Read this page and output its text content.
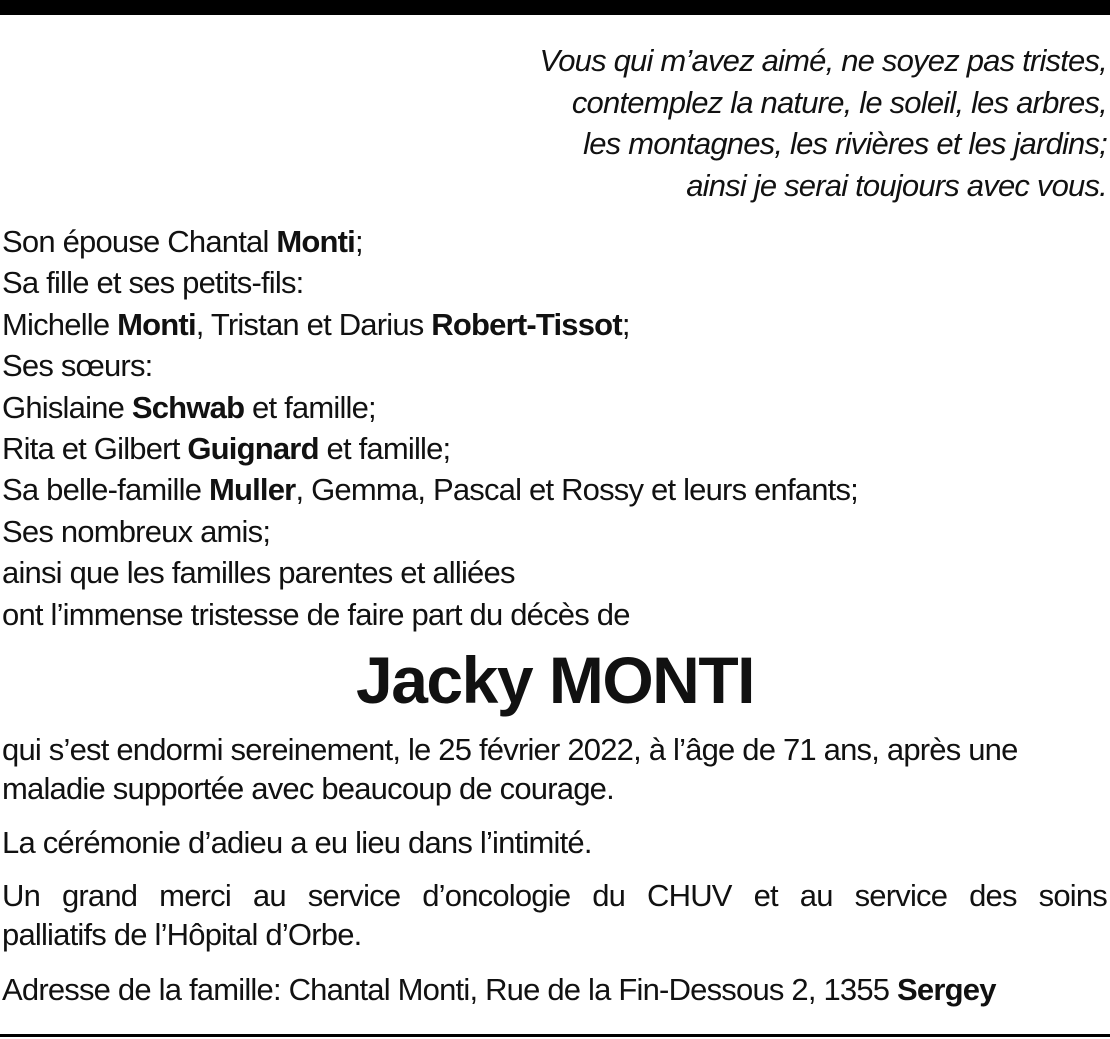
Vous qui m’avez aimé, ne soyez pas tristes,
contemplez la nature, le soleil, les arbres,
les montagnes, les rivières et les jardins;
ainsi je serai toujours avec vous.
Son épouse Chantal Monti;
Sa fille et ses petits-fils:
Michelle Monti, Tristan et Darius Robert-Tissot;
Ses sœurs:
Ghislaine Schwab et famille;
Rita et Gilbert Guignard et famille;
Sa belle-famille Muller, Gemma, Pascal et Rossy et leurs enfants;
Ses nombreux amis;
ainsi que les familles parentes et alliées
ont l’immense tristesse de faire part du décès de
Jacky MONTI
qui s’est endormi sereinement, le 25 février 2022, à l’âge de 71 ans, après une
maladie supportée avec beaucoup de courage.
La cérémonie d’adieu a eu lieu dans l’intimité.
Un grand merci au service d’oncologie du CHUV et au service des soins
palliatifs de l’Hôpital d’Orbe.
Adresse de la famille: Chantal Monti, Rue de la Fin-Dessous 2, 1355 Sergey
